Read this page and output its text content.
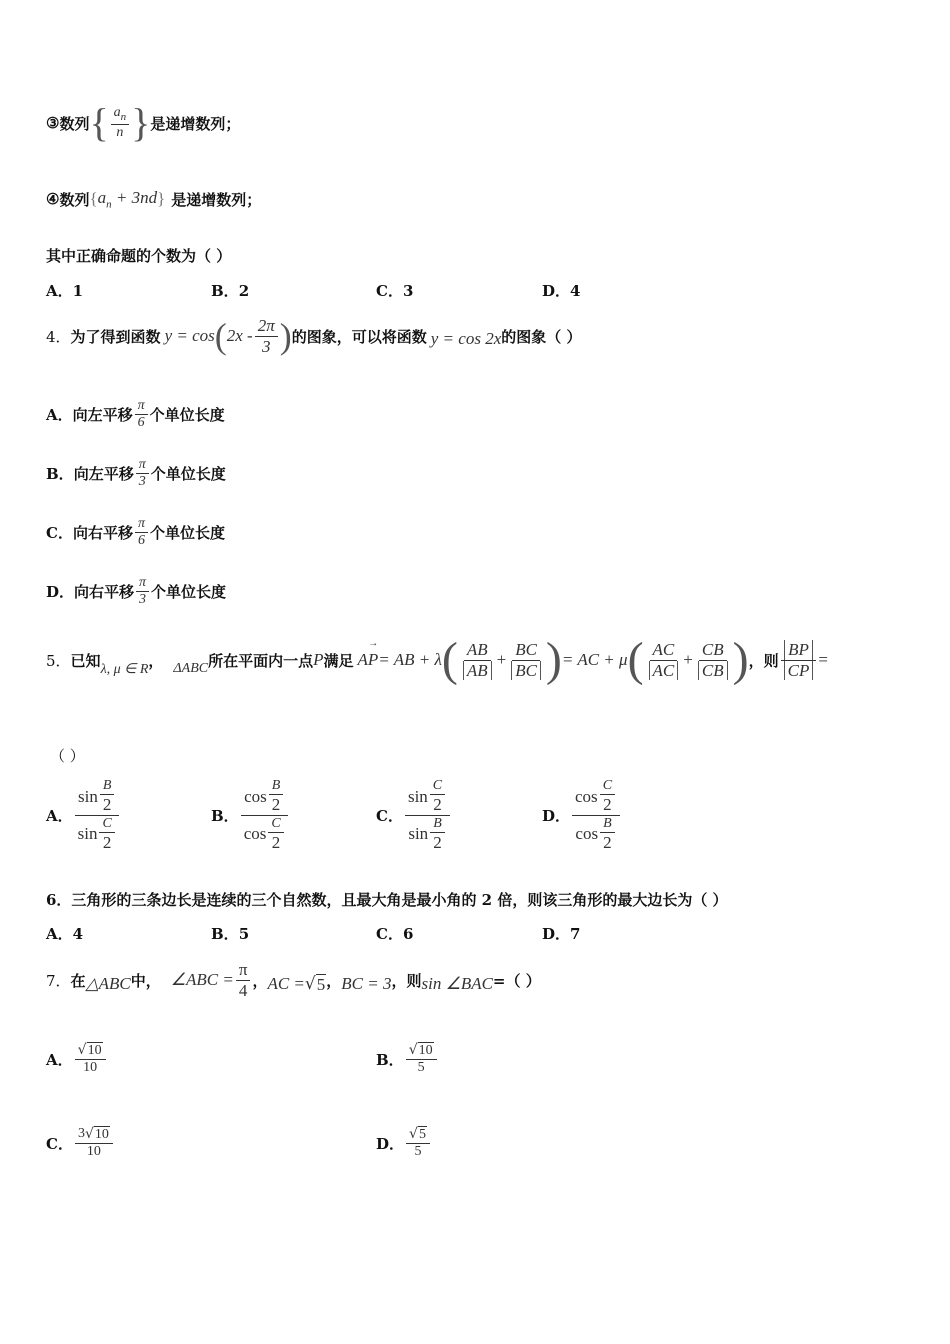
③ 数列 { $\frac{a_n}{n}$ } 是递增数列；
④ 数列 { $a_n + 3nd$ } 是递增数列；
其中正确命题的个数为（ ）
A． 1	B． 2	C． 3	D． 4
4． 为了得到函数 y = cos ( $2x - \frac{2\pi}{3}$ ) 的图象，可以将函数 y = cos 2x 的图象（ ）
A． 向左平移 $\frac{\pi}{6}$ 个单位长度
B． 向左平移 $\frac{\pi}{3}$ 个单位长度
C． 向右平移 $\frac{\pi}{6}$ 个单位长度
D． 向右平移 $\frac{\pi}{3}$ 个单位长度
5． 已知 λ, μ ∈ R ， ΔABC 所在平面内一点 P 满足
→ AP = AB + λ ( $\frac{AB}{AB} + \frac{BC}{BC}$ ) = AC + μ ( $\frac{AC}{AC} + \frac{CB}{CB}$ ) ，则 $\frac{BP}{CP}$ =
（ ）
A． $\frac{\sin \frac{B}{2}}{\sin \frac{C}{2}}$	B． $\frac{\cos \frac{B}{2}}{\cos \frac{C}{2}}$	C． $\frac{\sin \frac{C}{2}}{\sin \frac{B}{2}}$	D． $\frac{\cos \frac{C}{2}}{\cos \frac{B}{2}}$
6．三角形的三条边长是连续的三个自然数，且最大角是最小角的 2 倍，则该三角形的最大边长为（ ）
A． 4	B． 5	C． 6	D． 7
7． 在 △ABC 中， ∠ABC = $\frac{\pi}{4}$ ， AC = √ 5 ， BC = 3 ，则 sin ∠BAC =（ ）
A． $\frac{√ 10}{10}$	B． $\frac{√ 10}{5}$
C． $\frac{3 √ 10}{10}$	D． $\frac{√ 5}{5}$
